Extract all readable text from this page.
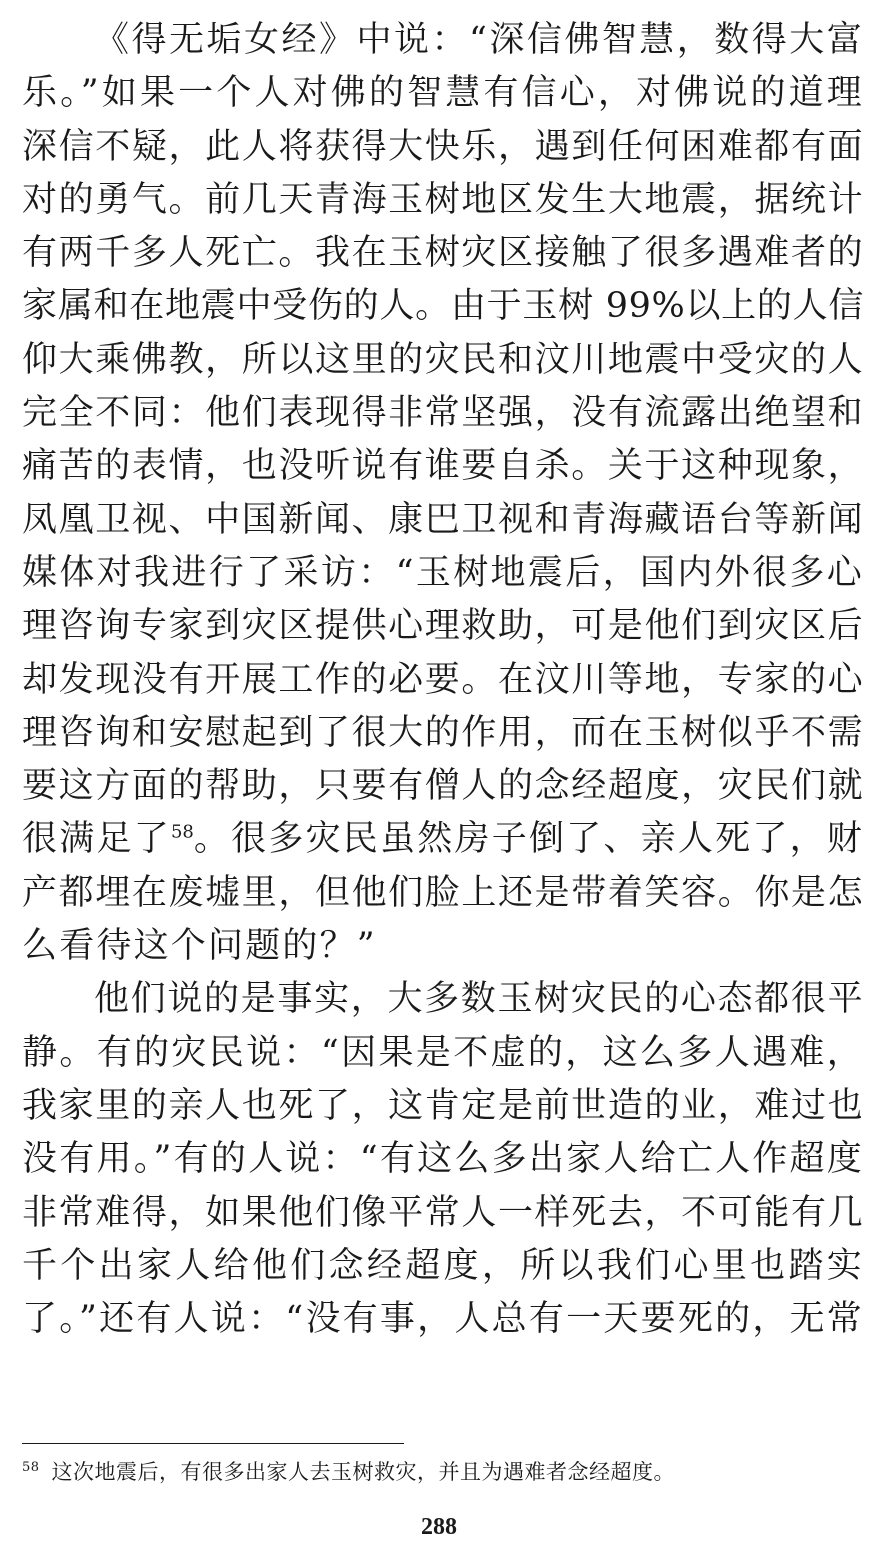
《得无垢女经》中说：“深信佛智慧，数得大富
乐。”如果一个人对佛的智慧有信心，对佛说的道理
深信不疑，此人将获得大快乐，遇到任何困难都有面
对的勇气。前几天青海玉树地区发生大地震，据统计
有两千多人死亡。我在玉树灾区接触了很多遇难者的
家属和在地震中受伤的人。由于玉树 99%以上的人信
仰大乘佛教，所以这里的灾民和汶川地震中受灾的人
完全不同：他们表现得非常坚强，没有流露出绝望和
痛苦的表情，也没听说有谁要自杀。关于这种现象，
凤凰卫视、中国新闻、康巴卫视和青海藏语台等新闻
媒体对我进行了采访：“玉树地震后，国内外很多心
理咨询专家到灾区提供心理救助，可是他们到灾区后
却发现没有开展工作的必要。在汶川等地，专家的心
理咨询和安慰起到了很大的作用，而在玉树似乎不需
要这方面的帮助，只要有僧人的念经超度，灾民们就
很满足了$^{58}$。很多灾民虽然房子倒了、亲人死了，财
产都埋在废墟里，但他们脸上还是带着笑容。你是怎
么看待这个问题的？”
他们说的是事实，大多数玉树灾民的心态都很平
静。有的灾民说：“因果是不虚的，这么多人遇难，
我家里的亲人也死了，这肯定是前世造的业，难过也
没有用。”有的人说：“有这么多出家人给亡人作超度
非常难得，如果他们像平常人一样死去，不可能有几
千个出家人给他们念经超度，所以我们心里也踏实
了。”还有人说：“没有事，人总有一天要死的，无常
$^{58}$ 这次地震后，有很多出家人去玉树救灾，并且为遇难者念经超度。
288
